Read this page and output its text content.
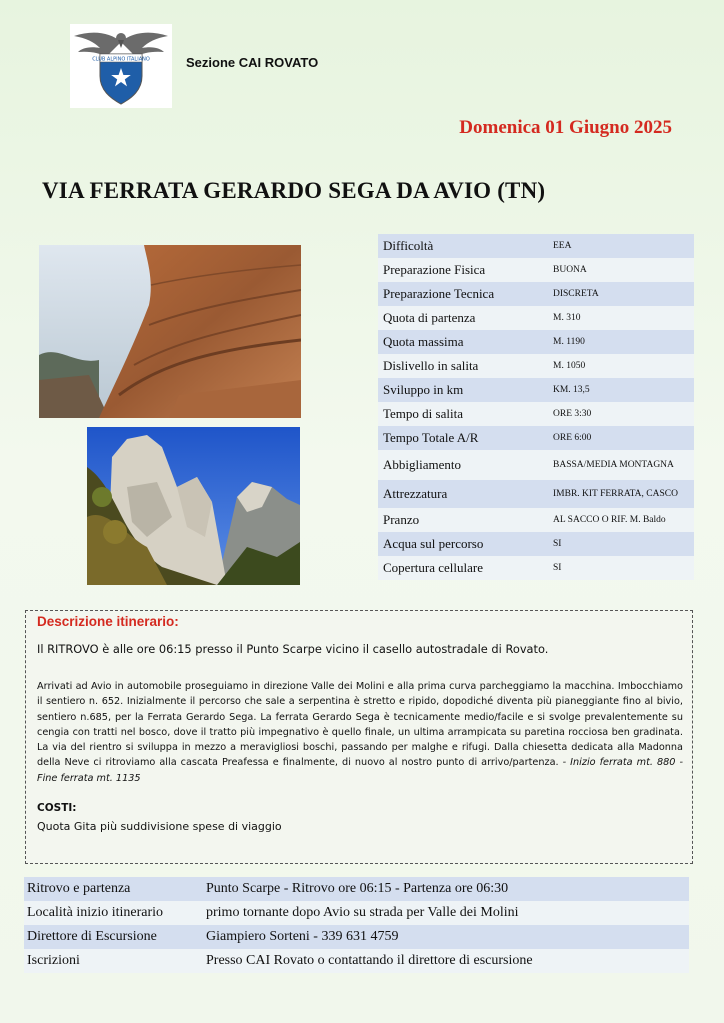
CLUB ALPINO ITALIANO	Sezione CAI ROVATO
Domenica 01 Giugno 2025
VIA FERRATA GERARDO SEGA DA AVIO (TN)
Difficoltà	EEA
Preparazione Fisica	BUONA
Preparazione Tecnica	DISCRETA
Quota di partenza	M. 310
Quota massima	M. 1190
Dislivello in salita	M. 1050
Sviluppo in km	KM. 13,5
Tempo di salita	ORE 3:30
Tempo Totale A/R	ORE 6:00
Abbigliamento	BASSA/MEDIA MONTAGNA
Attrezzatura	IMBR. KIT FERRATA, CASCO
Pranzo	AL SACCO O RIF. M. Baldo
Acqua sul percorso	SI
Copertura cellulare	SI
Descrizione itinerario:
Il RITROVO è alle ore 06:15 presso il Punto Scarpe vicino il casello autostradale di Rovato.
Arrivati ad Avio in automobile proseguiamo in direzione Valle dei Molini e alla prima curva parcheggiamo la macchina. Imbocchiamo il sentiero n. 652. Inizialmente il percorso che sale a serpentina è stretto e ripido, dopodiché diventa più pianeggiante fino al bivio, sentiero n.685, per la Ferrata Gerardo Sega. La ferrata Gerardo Sega è tecnicamente medio/facile e si svolge prevalentemente su cengia con tratti nel bosco, dove il tratto più impegnativo è quello finale, un ultima arrampicata su paretina rocciosa ben gradinata. La via del rientro si sviluppa in mezzo a meravigliosi boschi, passando per malghe e rifugi. Dalla chiesetta dedicata alla Madonna della Neve ci ritroviamo alla cascata Preafessa e finalmente, di nuovo al nostro punto di arrivo/partenza. - Inizio ferrata mt. 880 - Fine ferrata mt. 1135
COSTI:
Quota Gita più suddivisione spese di viaggio
Ritrovo e partenza	Punto Scarpe - Ritrovo ore 06:15 - Partenza ore 06:30
Località inizio itinerario	primo tornante dopo Avio su strada per Valle dei Molini
Direttore di Escursione	Giampiero Sorteni - 339 631 4759
Iscrizioni	Presso CAI Rovato o contattando il direttore di escursione
